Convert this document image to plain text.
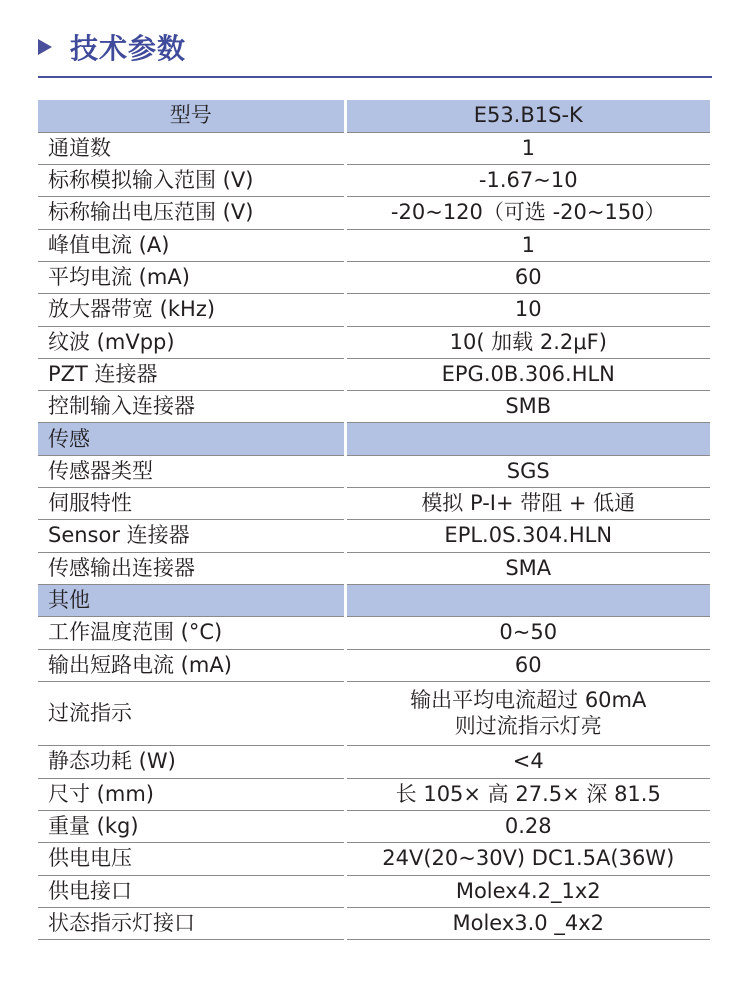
技术参数
型号	E53.B1S-K
通道数	1
标称模拟输入范围 (V)	-1.67~10
标称输出电压范围 (V)	-20~120（可选 -20~150）
峰值电流 (A)	1
平均电流 (mA)	60
放大器带宽 (kHz)	10
纹波 (mVpp)	10( 加载 2.2μF)
PZT 连接器	EPG.0B.306.HLN
控制输入连接器	SMB
传感	
传感器类型	SGS
伺服特性	模拟 P-I+ 带阻 + 低通
Sensor 连接器	EPL.0S.304.HLN
传感输出连接器	SMA
其他	
工作温度范围 (°C)	0~50
输出短路电流 (mA)	60
过流指示	输出平均电流超过 60mA
则过流指示灯亮

静态功耗 (W)	<4
尺寸 (mm)	长 105× 高 27.5× 深 81.5
重量 (kg)	0.28
供电电压	24V(20~30V) DC1.5A(36W)
供电接口	Molex4.2_1x2
状态指示灯接口	Molex3.0 _4x2
